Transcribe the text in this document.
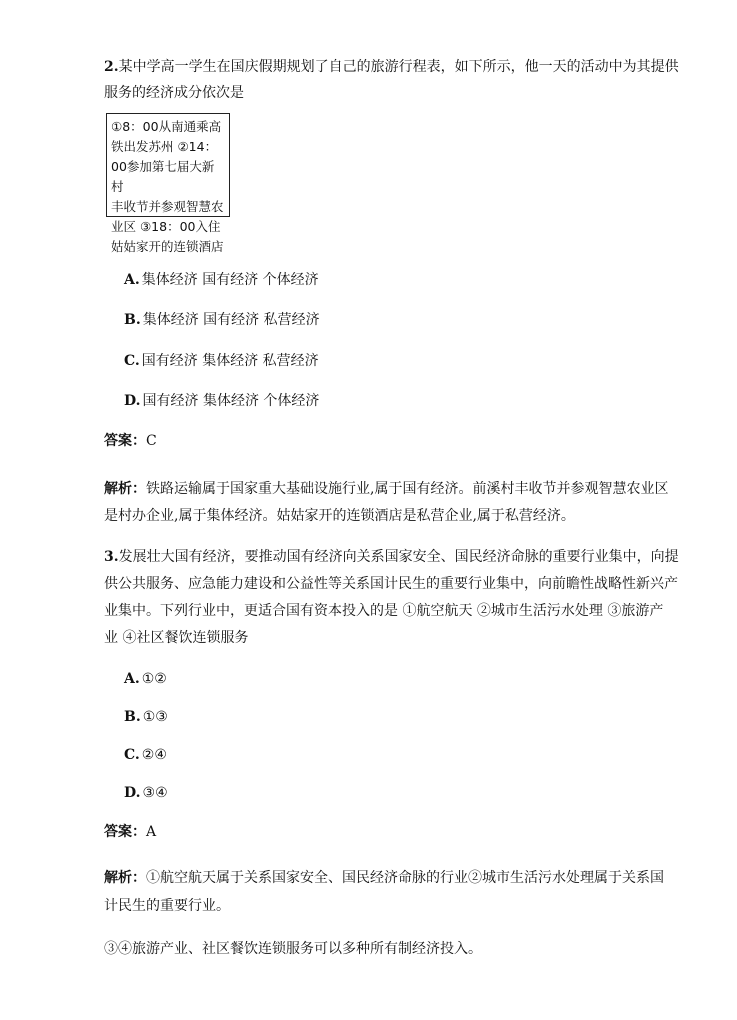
2.某中学高一学生在国庆假期规划了自己的旅游行程表，如下所示，他一天的活动中为其提供
服务的经济成分依次是
①8：00从南通乘高
铁出发苏州 ②14：
00参加第七届大新村
丰收节并参观智慧农
业区 ③18：00入住
姑姑家开的连锁酒店
A. 集体经济 国有经济 个体经济
B. 集体经济 国有经济 私营经济
C. 国有经济 集体经济 私营经济
D. 国有经济 集体经济 个体经济
答案：C
解析：铁路运输属于国家重大基础设施行业,属于国有经济。前溪村丰收节并参观智慧农业区
是村办企业,属于集体经济。姑姑家开的连锁酒店是私营企业,属于私营经济。
3.发展壮大国有经济，要推动国有经济向关系国家安全、国民经济命脉的重要行业集中，向提
供公共服务、应急能力建设和公益性等关系国计民生的重要行业集中，向前瞻性战略性新兴产
业集中。下列行业中，更适合国有资本投入的是 ①航空航天 ②城市生活污水处理 ③旅游产
业 ④社区餐饮连锁服务
A. ①②
B. ①③
C. ②④
D. ③④
答案：A
解析：①航空航天属于关系国家安全、国民经济命脉的行业②城市生活污水处理属于关系国
计民生的重要行业。
③④旅游产业、社区餐饮连锁服务可以多种所有制经济投入。
